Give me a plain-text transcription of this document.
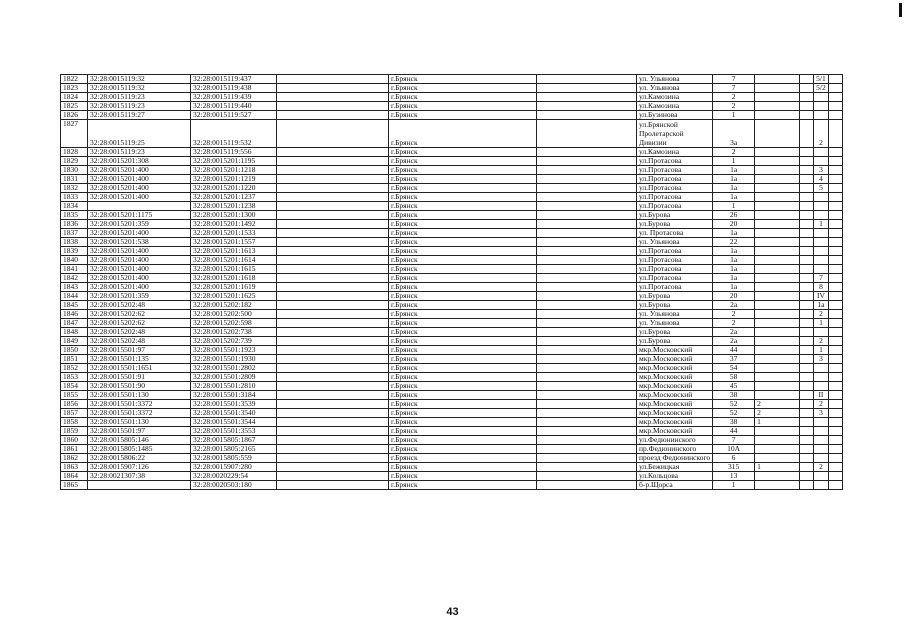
1822	32:28:0015119:32	32:28:0015119:437		г.Брянск		ул. Ульянова	7			5/1	
1823	32:28:0015119:32	32:28:0015119:438		г.Брянск		ул. Ульянова	7			5/2	
1824	32:28:0015119:23	32:28:0015119:439		г.Брянск		ул.Камозина	2				
1825	32:28:0015119:23	32:28:0015119:440		г.Брянск		ул.Камозина	2				
1826	32:28:0015119:27	32:28:0015119:527		г.Брянск		ул.Бузинова	1				
1827	32:28:0015119:25	32:28:0015119:532		г.Брянск		ул.Брянской Пролетарской Дивизии	3а			2	
1828	32:28:0015119:23	32:28:0015119:556		г.Брянск		ул.Камозина	2				
1829	32:28:0015201:308	32:28:0015201:1195		г.Брянск		ул.Протасова	1				
1830	32:28:0015201:400	32:28:0015201:1218		г.Брянск		ул.Протасова	1а			3	
1831	32:28:0015201:400	32:28:0015201:1219		г.Брянск		ул.Протасова	1а			4	
1832	32:28:0015201:400	32:28:0015201:1220		г.Брянск		ул.Протасова	1а			5	
1833	32:28:0015201:400	32:28:0015201:1237		г.Брянск		ул.Протасова	1а				
1834		32:28:0015201:1238		г.Брянск		ул.Протасова	1				
1835	32:28:0015201:1175	32:28:0015201:1300		г.Брянск		ул.Бурова	26				
1836	32:28:0015201:359	32:28:0015201:1492		г.Брянск		ул.Бурова	20			1	
1837	32:28:0015201:400	32:28:0015201:1533		г.Брянск		ул. Протасова	1а				
1838	32:28:0015201:538	32:28:0015201:1557		г.Брянск		ул. Ульянова	22				
1839	32:28:0015201:400	32:28:0015201:1613		г.Брянск		ул.Протасова	1а				
1840	32:28:0015201:400	32:28:0015201:1614		г.Брянск		ул.Протасова	1а				
1841	32:28:0015201:400	32:28:0015201:1615		г.Брянск		ул.Протасова	1а				
1842	32:28:0015201:400	32:28:0015201:1618		г.Брянск		ул.Протасова	1а			7	
1843	32:28:0015201:400	32:28:0015201:1619		г.Брянск		ул.Протасова	1а			8	
1844	32:28:0015201:359	32:28:0015201:1625		г.Брянск		ул.Бурова	20			IV	
1845	32:28:0015202:48	32:28:0015202:182		г.Брянск		ул.Бурова	2а			1а	
1846	32:28:0015202:62	32:28:0015202:500		г.Брянск		ул. Ульянова	2			2	
1847	32:28:0015202:62	32:28:0015202:598		г.Брянск		ул. Ульянова	2			1	
1848	32:28:0015202:48	32:28:0015202:738		г.Брянск		ул.Бурова	2а				
1849	32:28:0015202:48	32:28:0015202:739		г.Брянск		ул.Бурова	2а			2	
1850	32:28:0015501:97	32:28:0015501:1923		г.Брянск		мкр.Московский	44			1	
1851	32:28:0015501:135	32:28:0015501:1930		г.Брянск		мкр.Московский	37			3	
1852	32:28:0015501:1651	32:28:0015501:2802		г.Брянск		мкр.Московский	54				
1853	32:28:0015501:91	32:28:0015501:2809		г.Брянск		мкр.Московский	58				
1854	32:28:0015501:90	32:28:0015501:2810		г.Брянск		мкр.Московский	45				
1855	32:28:0015501:130	32:28:0015501:3184		г.Брянск		мкр.Московский	38			II	
1856	32:28:0015501:3372	32:28:0015501:3539		г.Брянск		мкр.Московский	52	2		2	
1857	32:28:0015501:3372	32:28:0015501:3540		г.Брянск		мкр.Московский	52	2		3	
1858	32:28:0015501:130	32:28:0015501:3544		г.Брянск		мкр.Московский	38	1			
1859	32:28:0015501:97	32:28:0015501:3553		г.Брянск		мкр.Московский	44				
1860	32:28:0015805:146	32:28:0015805:1867		г.Брянск		ул.Федюнинского	7				
1861	32:28:0015805:1485	32:28:0015805:2165		г.Брянск		пр.Федюнинского	10А				
1862	32:28:0015806:22	32:28:0015805:559		г.Брянск		проезд Федюнинского	6				
1863	32:28:0015907:126	32:28:0015907:280		г.Брянск		ул.Бежицкая	315	1		2	
1864	32:28:0021307:38	32:28:0020229:54		г.Брянск		ул.Кольцова	13				
1865		32:28:0020503:180		г.Брянск		б-р.Щорса	1				
43
